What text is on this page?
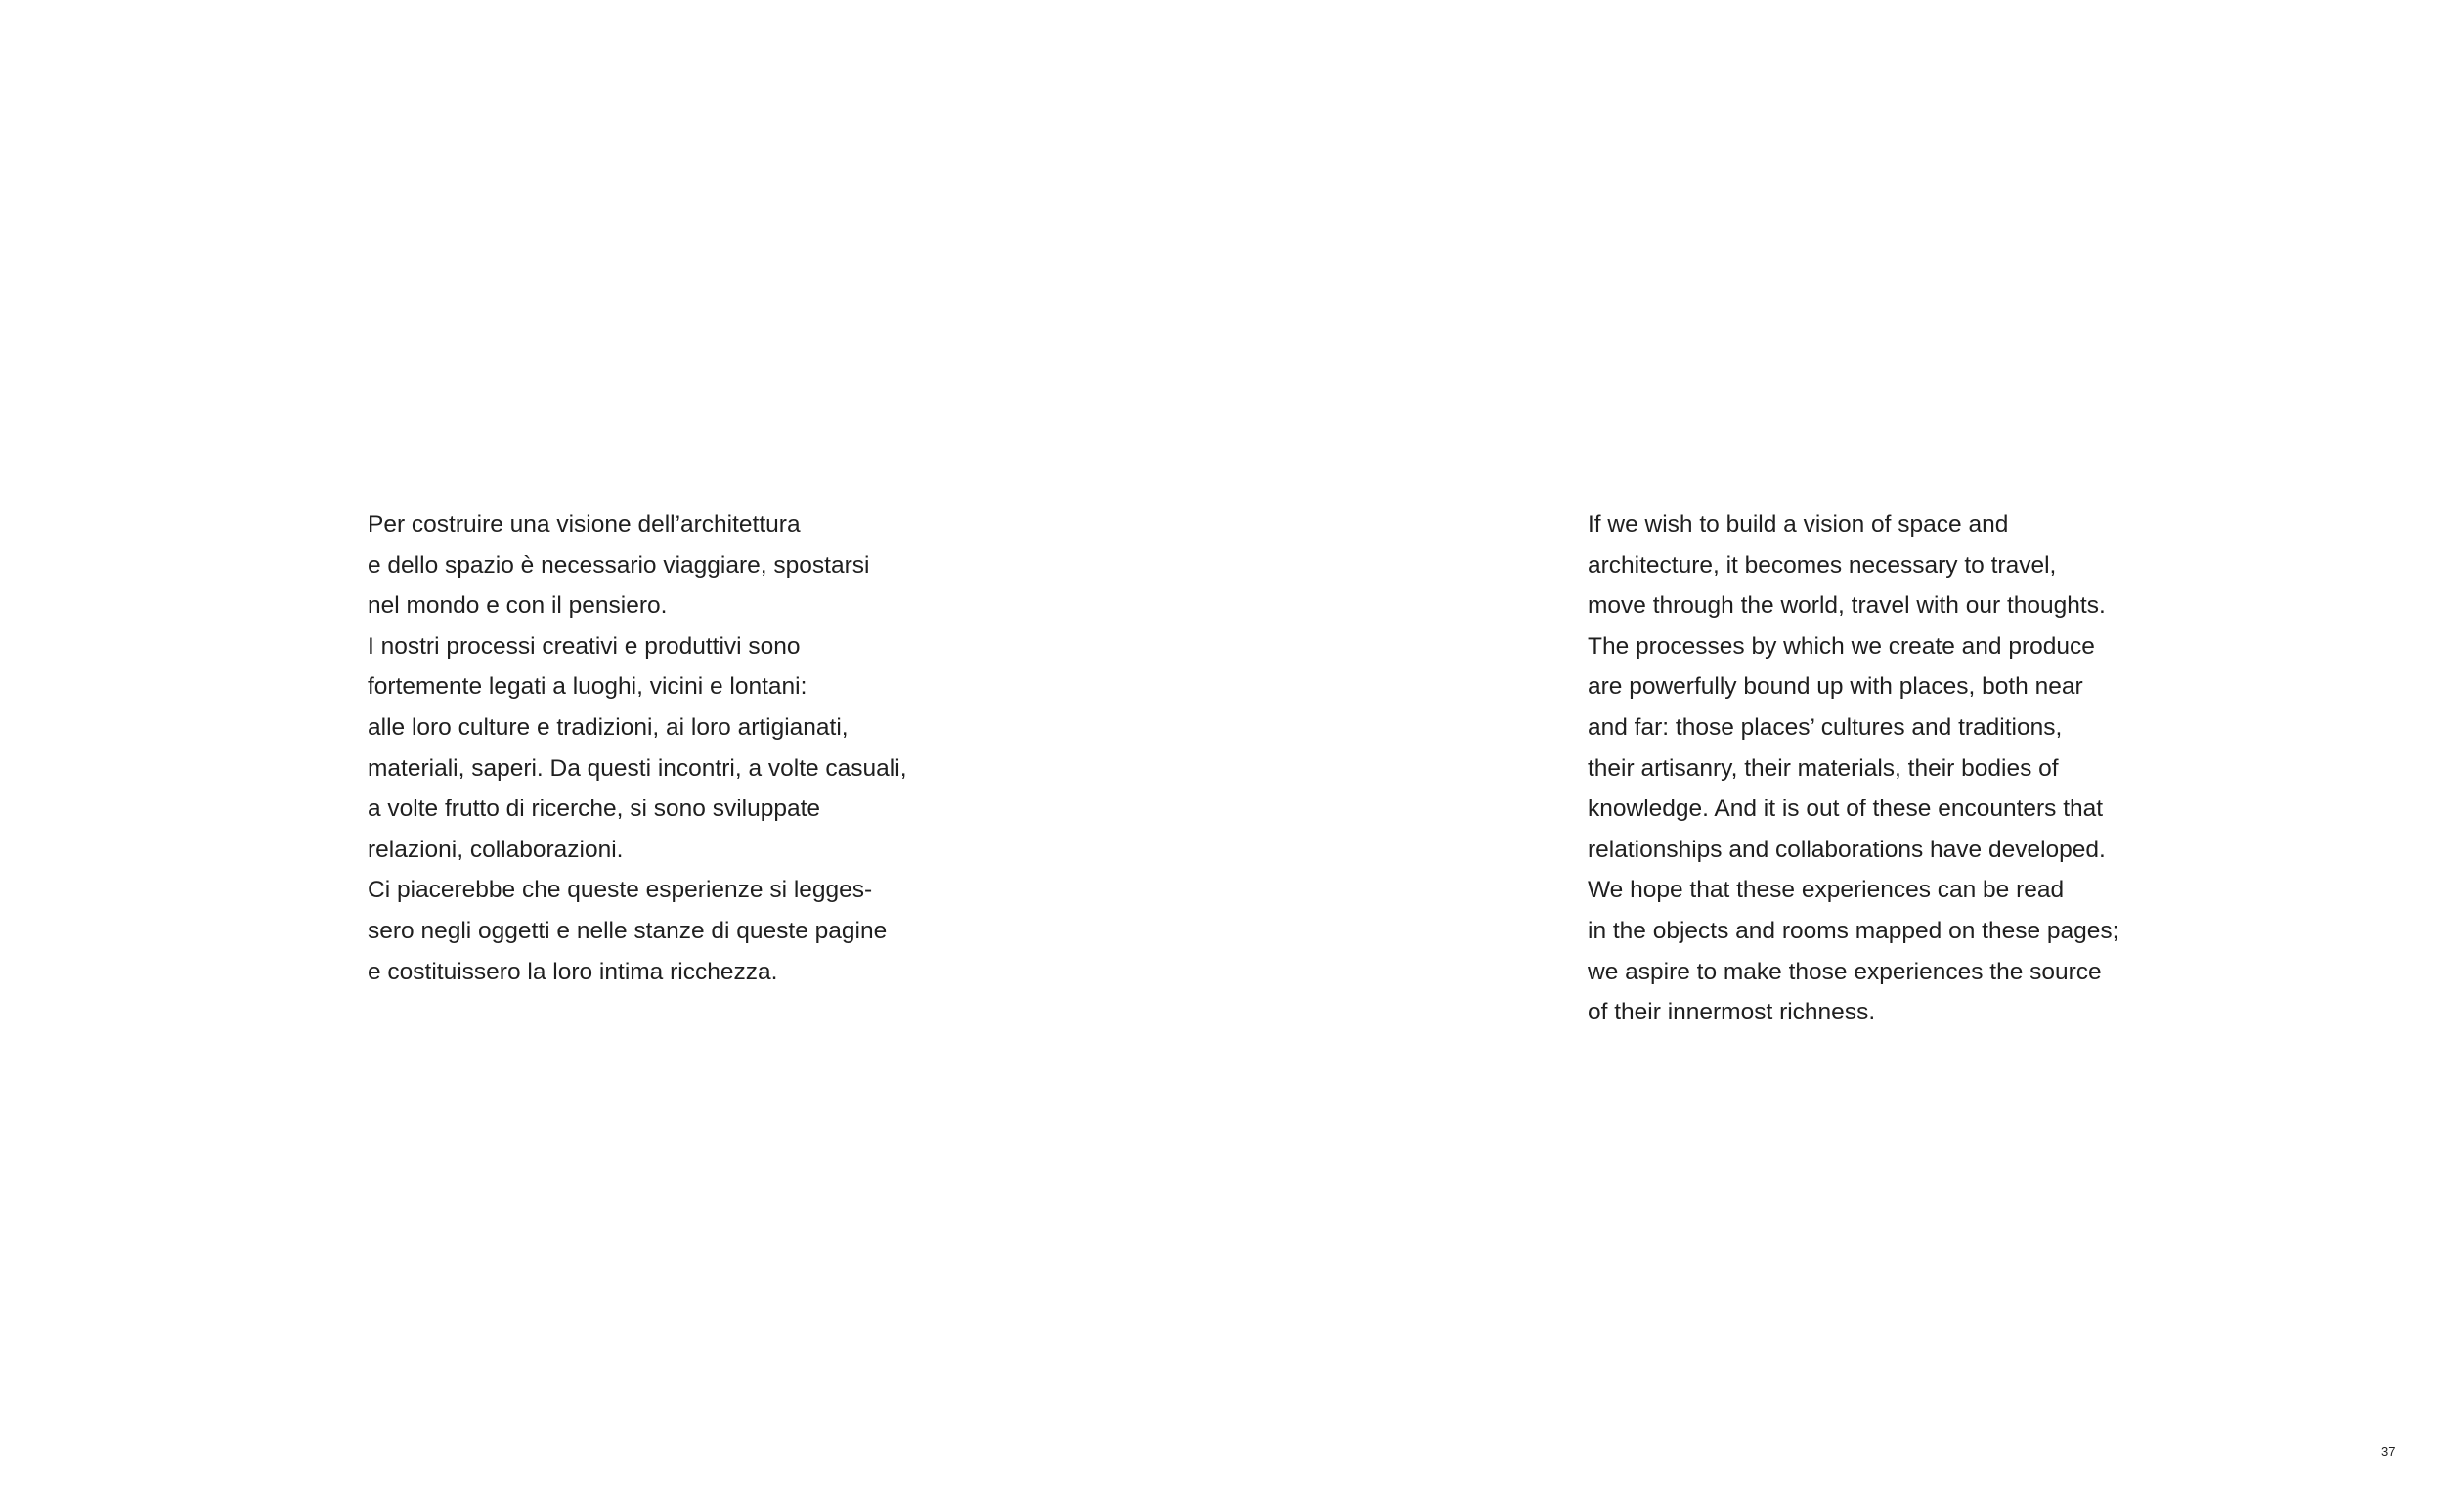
Per costruire una visione dell’architettura
e dello spazio è necessario viaggiare, spostarsi
nel mondo e con il pensiero.
I nostri processi creativi e produttivi sono
fortemente legati a luoghi, vicini e lontani:
alle loro culture e tradizioni, ai loro artigianati,
materiali, saperi. Da questi incontri, a volte casuali,
a volte frutto di ricerche, si sono sviluppate
relazioni, collaborazioni.
Ci piacerebbe che queste esperienze si legges-
sero negli oggetti e nelle stanze di queste pagine
e costituissero la loro intima ricchezza.
If we wish to build a vision of space and
architecture, it becomes necessary to travel,
move through the world, travel with our thoughts.
The processes by which we create and produce
are powerfully bound up with places, both near
and far: those places’ cultures and traditions,
their artisanry, their materials, their bodies of
knowledge. And it is out of these encounters that
relationships and collaborations have developed.
We hope that these experiences can be read
in the objects and rooms mapped on these pages;
we aspire to make those experiences the source
of their innermost richness.
37
